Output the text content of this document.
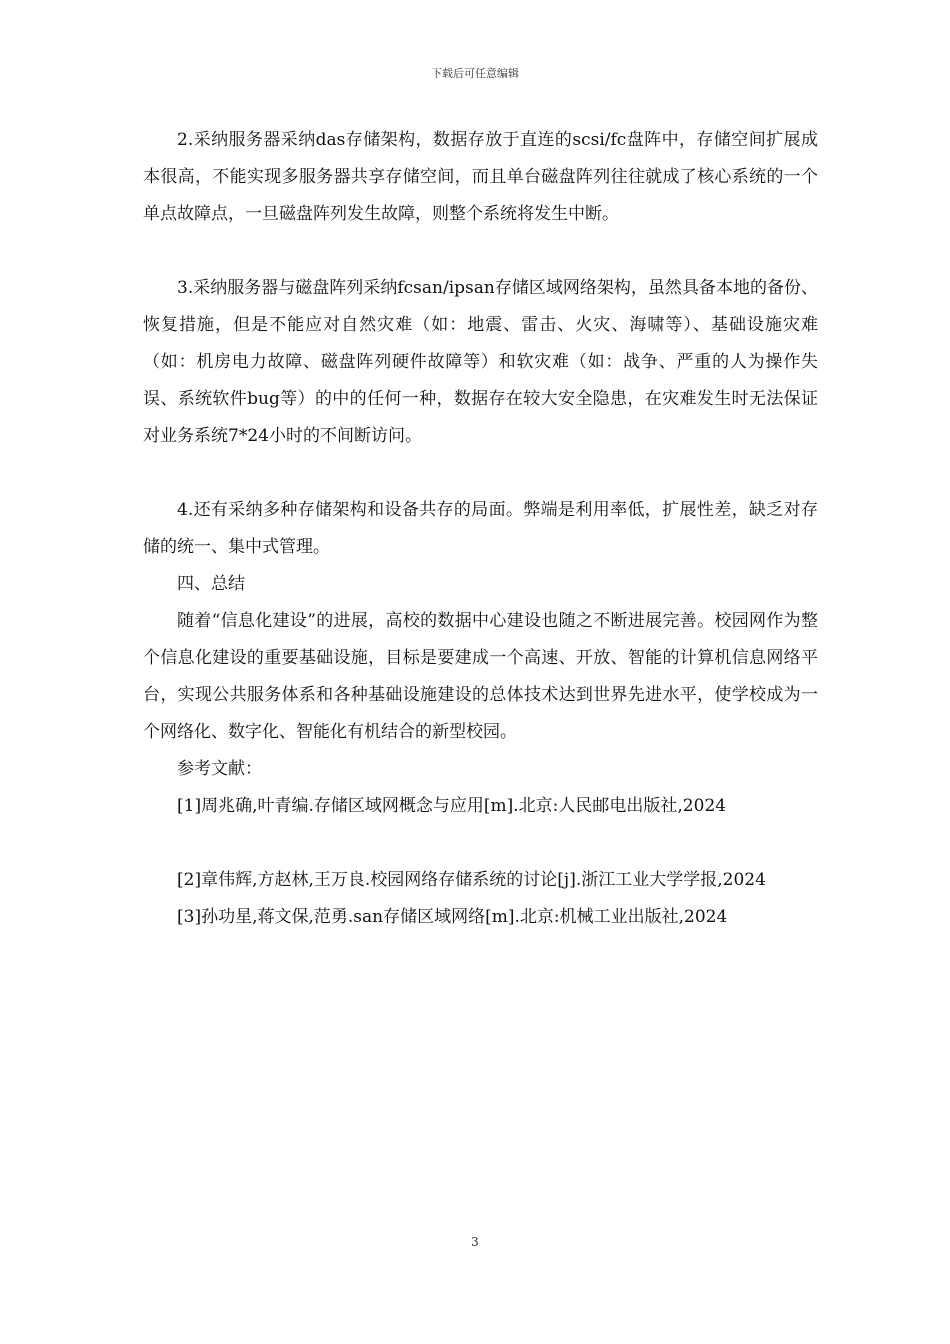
下载后可任意编辑

2.采纳服务器采纳das存储架构，数据存放于直连的scsi/fc盘阵中，存储空间扩展成本很高，不能实现多服务器共享存储空间，而且单台磁盘阵列往往就成了核心系统的一个单点故障点，一旦磁盘阵列发生故障，则整个系统将发生中断。

3.采纳服务器与磁盘阵列采纳fcsan/ipsan存储区域网络架构，虽然具备本地的备份、恢复措施，但是不能应对自然灾难（如：地震、雷击、火灾、海啸等）、基础设施灾难（如：机房电力故障、磁盘阵列硬件故障等）和软灾难（如：战争、严重的人为操作失误、系统软件bug等）的中的任何一种，数据存在较大安全隐患，在灾难发生时无法保证对业务系统7*24小时的不间断访问。

4.还有采纳多种存储架构和设备共存的局面。弊端是利用率低，扩展性差，缺乏对存储的统一、集中式管理。

四、总结

随着“信息化建设”的进展，高校的数据中心建设也随之不断进展完善。校园网作为整个信息化建设的重要基础设施，目标是要建成一个高速、开放、智能的计算机信息网络平台，实现公共服务体系和各种基础设施建设的总体技术达到世界先进水平，使学校成为一个网络化、数字化、智能化有机结合的新型校园。

参考文献：

[1]周兆确,叶青编.存储区域网概念与应用[m].北京:人民邮电出版社,2024

[2]章伟辉,方赵林,王万良.校园网络存储系统的讨论[j].浙江工业大学学报,2024

[3]孙功星,蒋文保,范勇.san存储区域网络[m].北京:机械工业出版社,2024

3
